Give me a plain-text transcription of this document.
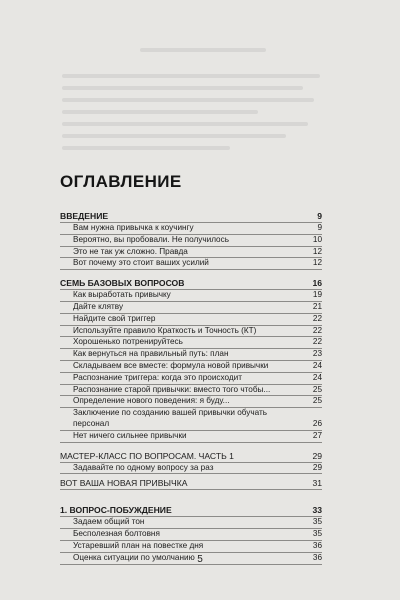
ОГЛАВЛЕНИЕ
ВВЕДЕНИЕ	9
Вам нужна привычка к коучингу	9
Вероятно, вы пробовали. Не получилось	10
Это не так уж сложно. Правда	12
Вот почему это стоит ваших усилий	12
СЕМЬ БАЗОВЫХ ВОПРОСОВ	16
Как выработать привычку	19
Дайте клятву	21
Найдите свой триггер	22
Используйте правило Краткость и Точность (КТ)	22
Хорошенько потренируйтесь	22
Как вернуться на правильный путь: план	23
Складываем все вместе: формула новой привычки	24
Распознание триггера: когда это происходит	24
Распознание старой привычки: вместо того чтобы...	25
Определение нового поведения: я буду...	25
Заключение по созданию вашей привычки обучать
персонал	26
Нет ничего сильнее привычки	27
МАСТЕР-КЛАСС ПО ВОПРОСАМ. ЧАСТЬ 1	29
Задавайте по одному вопросу за раз	29
ВОТ ВАША НОВАЯ ПРИВЫЧКА	31
1. ВОПРОС-ПОБУЖДЕНИЕ	33
Задаем общий тон	35
Бесполезная болтовня	35
Устаревший план на повестке дня	36
Оценка ситуации по умолчанию	36
5
